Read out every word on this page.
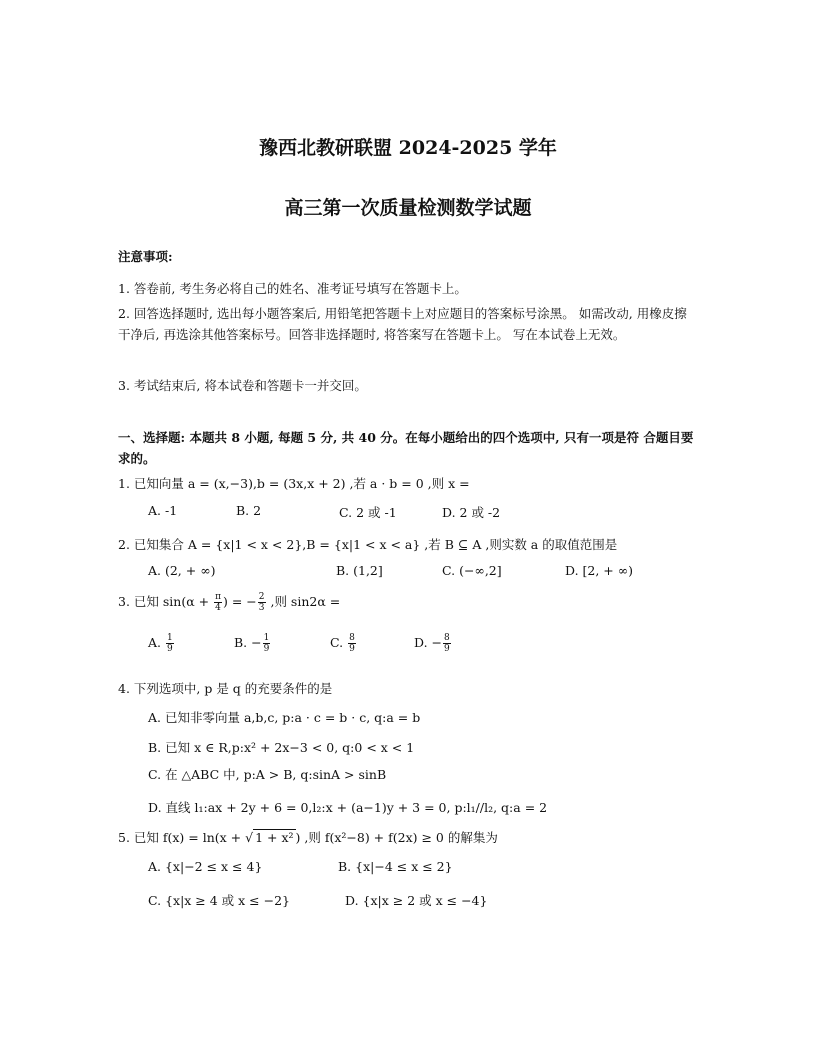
豫西北教研联盟 2024-2025 学年
高三第一次质量检测数学试题
注意事项:
1. 答卷前, 考生务必将自己的姓名、准考证号填写在答题卡上。
2. 回答选择题时, 选出每小题答案后, 用铅笔把答题卡上对应题目的答案标号涂黑。 如需改动, 用橡皮擦干净后, 再选涂其他答案标号。回答非选择题时, 将答案写在答题卡上。 写在本试卷上无效。
3. 考试结束后, 将本试卷和答题卡一并交回。
一、选择题: 本题共 8 小题, 每题 5 分, 共 40 分。在每小题给出的四个选项中, 只有一项是符 合题目要求的。
1. 已知向量 a = (x,−3),b = (3x,x + 2) ,若 a · b = 0 ,则 x =
A. -1	B. 2	C. 2 或 -1	D. 2 或 -2
2. 已知集合 A = {x|1 < x < 2},B = {x|1 < x < a} ,若 B ⊆ A ,则实数 a 的取值范围是
A. (2, + ∞)	B. (1,2]	C. (−∞,2]	D. [2, + ∞)
3. 已知 $\sin(\alpha + \frac{\pi}{4}$ ) = − $\frac{2}{3}$ ,则 sin2α =
A. $\frac{1}{9}$	B. − $\frac{1}{9}$	C. $\frac{8}{9}$	D. − $\frac{8}{9}$
4. 下列选项中, p 是 q 的充要条件的是
A. 已知非零向量 a,b,c, p:a · c = b · c, q:a = b
B. 已知 x ∈ R,p:x² + 2x−3 < 0, q:0 < x < 1
C. 在 △ABC 中, p:A > B, q:sinA > sinB
D. 直线 l₁:ax + 2y + 6 = 0,l₂:x + (a−1)y + 3 = 0, p:l₁//l₂, q:a = 2
5. 已知 f(x) = ln(x + √ 1 + x² ) ,则 f(x²−8) + f(2x) ≥ 0 的解集为
A. {x|−2 ≤ x ≤ 4}	B. {x|−4 ≤ x ≤ 2}
C. {x|x ≥ 4 或 x ≤ −2}	D. {x|x ≥ 2 或 x ≤ −4}
